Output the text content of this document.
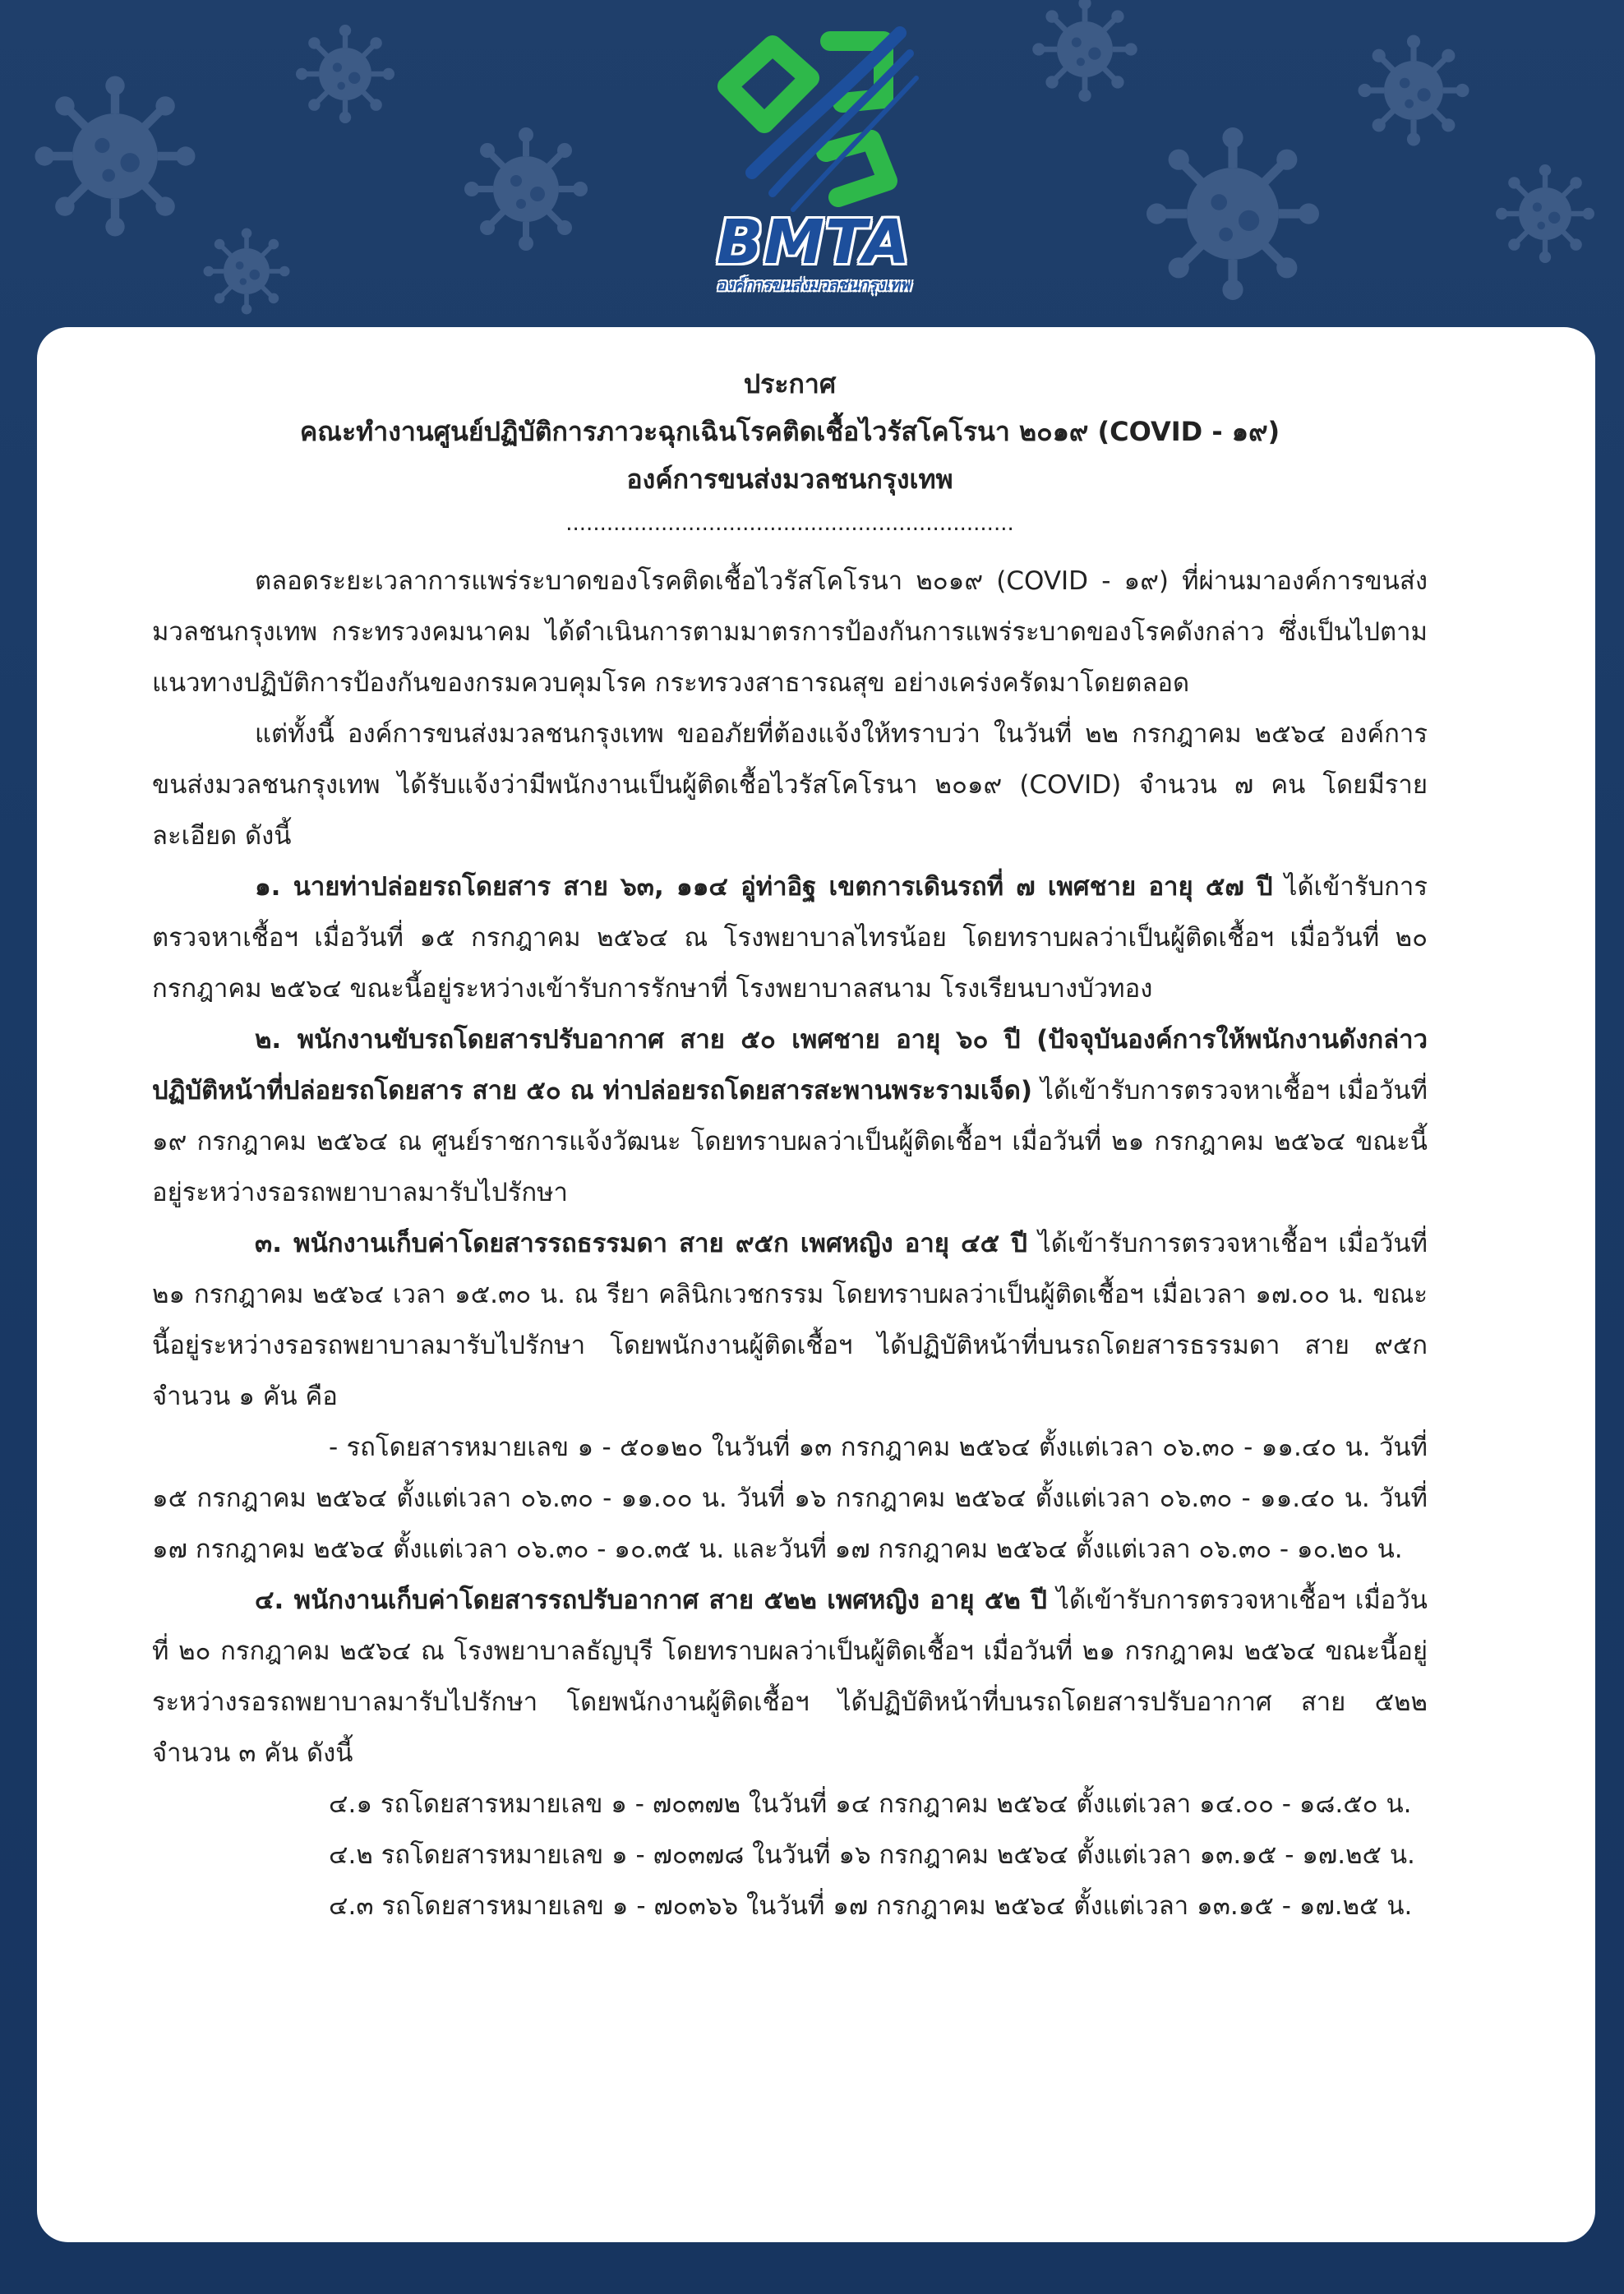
BMTA
องค์การขนส่งมวลชนกรุงเทพ
ประกาศ
คณะทำงานศูนย์ปฏิบัติการภาวะฉุกเฉินโรคติดเชื้อไวรัสโคโรนา ๒๐๑๙ (COVID - ๑๙)
องค์การขนส่งมวลชนกรุงเทพ
..................................................................

ตลอดระยะเวลาการแพร่ระบาดของโรคติดเชื้อไวรัสโคโรนา ๒๐๑๙ (COVID - ๑๙) ที่ผ่านมาองค์การขนส่งมวลชนกรุงเทพ กระทรวงคมนาคม ได้ดำเนินการตามมาตรการป้องกันการแพร่ระบาดของโรคดังกล่าว ซึ่งเป็นไปตามแนวทางปฏิบัติการป้องกันของกรมควบคุมโรค กระทรวงสาธารณสุข อย่างเคร่งครัดมาโดยตลอด

แต่ทั้งนี้ องค์การขนส่งมวลชนกรุงเทพ ขออภัยที่ต้องแจ้งให้ทราบว่า ในวันที่ ๒๒ กรกฎาคม ๒๕๖๔ องค์การขนส่งมวลชนกรุงเทพ ได้รับแจ้งว่ามีพนักงานเป็นผู้ติดเชื้อไวรัสโคโรนา ๒๐๑๙ (COVID) จำนวน ๗ คน โดยมีรายละเอียด ดังนี้

๑. นายท่าปล่อยรถโดยสาร สาย ๖๓, ๑๑๔ อู่ท่าอิฐ เขตการเดินรถที่ ๗ เพศชาย อายุ ๕๗ ปี ได้เข้ารับการตรวจหาเชื้อฯ เมื่อวันที่ ๑๕ กรกฎาคม ๒๕๖๔ ณ โรงพยาบาลไทรน้อย โดยทราบผลว่าเป็นผู้ติดเชื้อฯ เมื่อวันที่ ๒๐ กรกฎาคม ๒๕๖๔ ขณะนี้อยู่ระหว่างเข้ารับการรักษาที่ โรงพยาบาลสนาม โรงเรียนบางบัวทอง

๒. พนักงานขับรถโดยสารปรับอากาศ สาย ๕๐ เพศชาย อายุ ๖๐ ปี (ปัจจุบันองค์การให้พนักงานดังกล่าว ปฏิบัติหน้าที่ปล่อยรถโดยสาร สาย ๕๐ ณ ท่าปล่อยรถโดยสารสะพานพระรามเจ็ด) ได้เข้ารับการตรวจหาเชื้อฯ เมื่อวันที่ ๑๙ กรกฎาคม ๒๕๖๔ ณ ศูนย์ราชการแจ้งวัฒนะ โดยทราบผลว่าเป็นผู้ติดเชื้อฯ เมื่อวันที่ ๒๑ กรกฎาคม ๒๕๖๔ ขณะนี้อยู่ระหว่างรอรถพยาบาลมารับไปรักษา

๓. พนักงานเก็บค่าโดยสารรถธรรมดา สาย ๙๕ก เพศหญิง อายุ ๔๕ ปี ได้เข้ารับการตรวจหาเชื้อฯ เมื่อวันที่ ๒๑ กรกฎาคม ๒๕๖๔ เวลา ๑๕.๓๐ น. ณ รียา คลินิกเวชกรรม โดยทราบผลว่าเป็นผู้ติดเชื้อฯ เมื่อเวลา ๑๗.๐๐ น. ขณะนี้อยู่ระหว่างรอรถพยาบาลมารับไปรักษา โดยพนักงานผู้ติดเชื้อฯ ได้ปฏิบัติหน้าที่บนรถโดยสารธรรมดา สาย ๙๕ก จำนวน ๑ คัน คือ

- รถโดยสารหมายเลข ๑ - ๕๐๑๒๐ ในวันที่ ๑๓ กรกฎาคม ๒๕๖๔ ตั้งแต่เวลา ๐๖.๓๐ - ๑๑.๔๐ น. วันที่ ๑๕ กรกฎาคม ๒๕๖๔ ตั้งแต่เวลา ๐๖.๓๐ - ๑๑.๐๐ น. วันที่ ๑๖ กรกฎาคม ๒๕๖๔ ตั้งแต่เวลา ๐๖.๓๐ - ๑๑.๔๐ น. วันที่ ๑๗ กรกฎาคม ๒๕๖๔ ตั้งแต่เวลา ๐๖.๓๐ - ๑๐.๓๕ น. และวันที่ ๑๗ กรกฎาคม ๒๕๖๔ ตั้งแต่เวลา ๐๖.๓๐ - ๑๐.๒๐ น.

๔. พนักงานเก็บค่าโดยสารรถปรับอากาศ สาย ๕๒๒ เพศหญิง อายุ ๕๒ ปี ได้เข้ารับการตรวจหาเชื้อฯ เมื่อวันที่ ๒๐ กรกฎาคม ๒๕๖๔ ณ โรงพยาบาลธัญบุรี โดยทราบผลว่าเป็นผู้ติดเชื้อฯ เมื่อวันที่ ๒๑ กรกฎาคม ๒๕๖๔ ขณะนี้อยู่ระหว่างรอรถพยาบาลมารับไปรักษา โดยพนักงานผู้ติดเชื้อฯ ได้ปฏิบัติหน้าที่บนรถโดยสารปรับอากาศ สาย ๕๒๒ จำนวน ๓ คัน ดังนี้

๔.๑ รถโดยสารหมายเลข ๑ - ๗๐๓๗๒ ในวันที่ ๑๔ กรกฎาคม ๒๕๖๔ ตั้งแต่เวลา ๑๔.๐๐ - ๑๘.๕๐ น.

๔.๒ รถโดยสารหมายเลข ๑ - ๗๐๓๗๘ ในวันที่ ๑๖ กรกฎาคม ๒๕๖๔ ตั้งแต่เวลา ๑๓.๑๕ - ๑๗.๒๕ น.

๔.๓ รถโดยสารหมายเลข ๑ - ๗๐๓๖๖ ในวันที่ ๑๗ กรกฎาคม ๒๕๖๔ ตั้งแต่เวลา ๑๓.๑๕ - ๑๗.๒๕ น.
